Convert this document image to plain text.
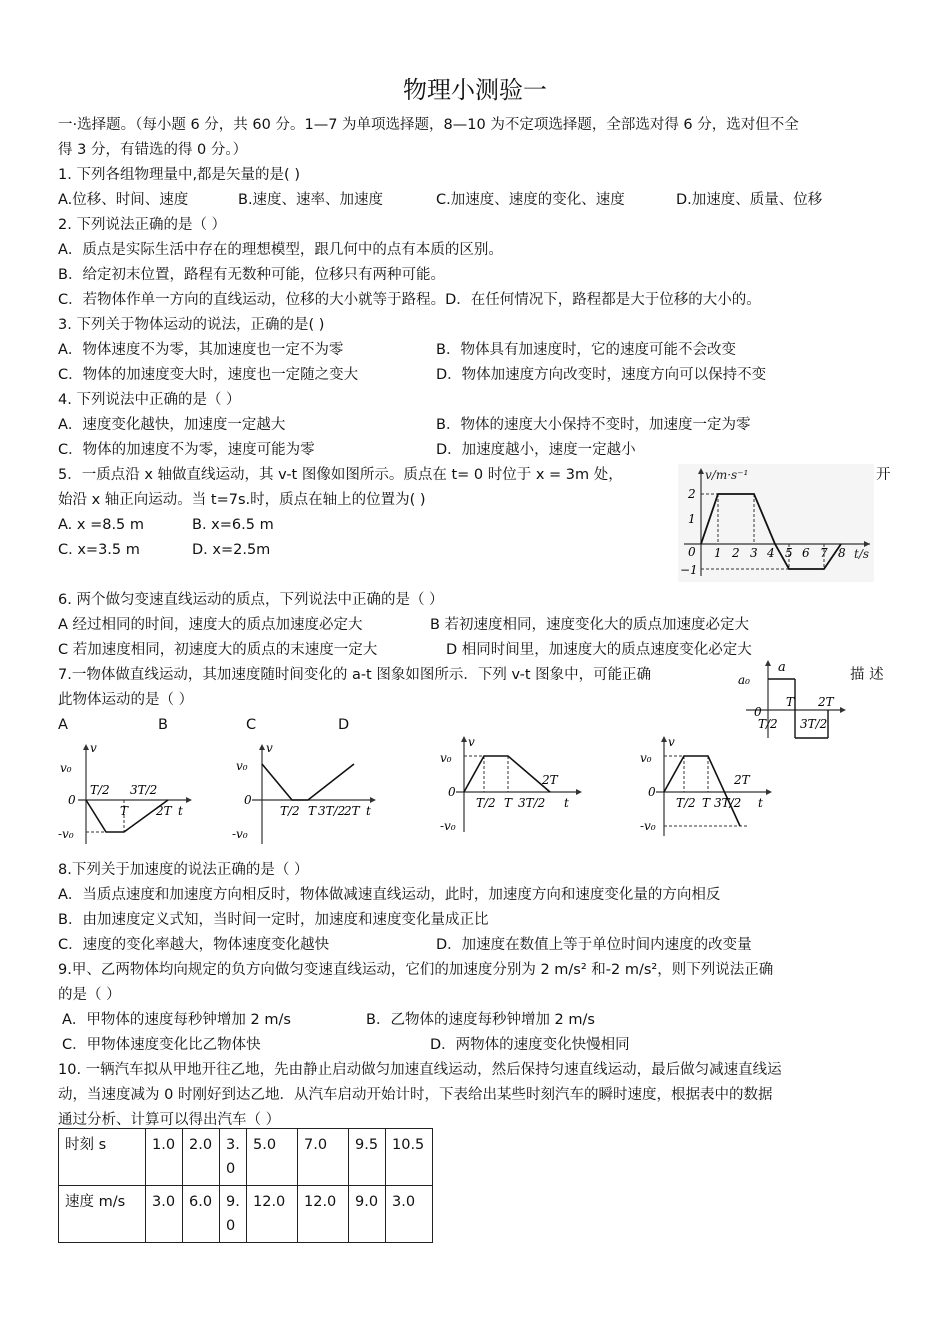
物理小测验一
一·选择题。（每小题 6 分，共 60 分。1—7 为单项选择题，8—10 为不定项选择题，全部选对得 6 分，选对但不全
得 3 分，有错选的得 0 分。）
1. 下列各组物理量中,都是矢量的是( )
A.位移、时间、速度	B.速度、速率、加速度	C.加速度、速度的变化、速度	D.加速度、质量、位移
2. 下列说法正确的是（ ）
A．质点是实际生活中存在的理想模型，跟几何中的点有本质的区别。
B．给定初末位置，路程有无数种可能，位移只有两种可能。
C．若物体作单一方向的直线运动，位移的大小就等于路程。D．在任何情况下，路程都是大于位移的大小的。
3. 下列关于物体运动的说法，正确的是( )
A．物体速度不为零，其加速度也一定不为零	B．物体具有加速度时，它的速度可能不会改变
C．物体的加速度变大时，速度也一定随之变大	D．物体加速度方向改变时，速度方向可以保持不变
4. 下列说法中正确的是（ ）
A．速度变化越快，加速度一定越大	B．物体的速度大小保持不变时，加速度一定为零
C．物体的加速度不为零，速度可能为零	D．加速度越小，速度一定越小
5．一质点沿 x 轴做直线运动，其 v-t 图像如图所示。质点在 t= 0 时位于 x = 3m 处，	开
始沿 x 轴正向运动。当 t=7s.时，质点在轴上的位置为( )
A. x =8.5 m	B. x=6.5 m
C. x=3.5 m	D. x=2.5m
v/m·s⁻¹
t/s
2
1
0
−1
1 2 3 4 5 6 7 8
6. 两个做匀变速直线运动的质点，下列说法中正确的是（ ）
A 经过相同的时间，速度大的质点加速度必定大	B 若初速度相同，速度变化大的质点加速度必定大
C 若加速度相同，初速度大的质点的末速度一定大	D 相同时间里，加速度大的质点速度变化必定大
7.一物体做直线运动，其加速度随时间变化的 a-t 图象如图所示．下列 v-t 图象中，可能正确	描 述
此物体运动的是（ ）
a
a₀
0
T 2T
T/2 3T/2
A	B	C	D
v
v₀
0
-v₀
T/2 3T/2
T 2T t
v
v₀
0
-v₀
T/2 T 3T/2
2T t
v
v₀
0
-v₀
2T
T/2 T 3T/2 t
v
v₀
0
-v₀
2T
T/2 T 3T/2 t
8.下列关于加速度的说法正确的是（ ）
A．当质点速度和加速度方向相反时，物体做减速直线运动，此时，加速度方向和速度变化量的方向相反
B．由加速度定义式知，当时间一定时，加速度和速度变化量成正比
C．速度的变化率越大，物体速度变化越快	D．加速度在数值上等于单位时间内速度的改变量
9.甲、乙两物体均向规定的负方向做匀变速直线运动，它们的加速度分别为 2 m/s² 和-2 m/s²，则下列说法正确
的是（ ）
A．甲物体的速度每秒钟增加 2 m/s	B．乙物体的速度每秒钟增加 2 m/s
C．甲物体速度变化比乙物体快	D．两物体的速度变化快慢相同
10. 一辆汽车拟从甲地开往乙地，先由静止启动做匀加速直线运动，然后保持匀速直线运动，最后做匀减速直线运
动，当速度减为 0 时刚好到达乙地．从汽车启动开始计时，下表给出某些时刻汽车的瞬时速度，根据表中的数据
通过分析、计算可以得出汽车（ ）
时刻 s	1.0	2.0	3.0	5.0	7.0	9.5	10.5
速度 m/s	3.0	6.0	9.0	12.0	12.0	9.0	3.0
